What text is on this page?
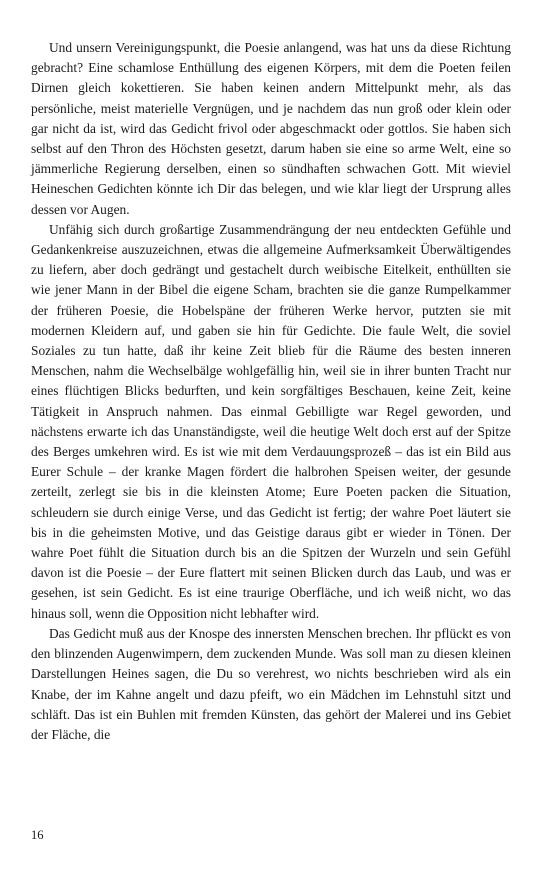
Und unsern Vereinigungspunkt, die Poesie anlangend, was hat uns da diese Richtung gebracht? Eine schamlose Enthüllung des eigenen Körpers, mit dem die Poeten feilen Dirnen gleich kokettieren. Sie haben keinen andern Mittelpunkt mehr, als das persönliche, meist materielle Vergnügen, und je nachdem das nun groß oder klein oder gar nicht da ist, wird das Gedicht frivol oder abgeschmackt oder gottlos. Sie haben sich selbst auf den Thron des Höchsten gesetzt, darum haben sie eine so arme Welt, eine so jämmerliche Regierung derselben, einen so sündhaften schwachen Gott. Mit wieviel Heineschen Gedichten könnte ich Dir das belegen, und wie klar liegt der Ursprung alles dessen vor Augen.

Unfähig sich durch großartige Zusammendrängung der neu entdeckten Gefühle und Gedankenkreise auszuzeichnen, etwas die allgemeine Aufmerksamkeit Überwältigendes zu liefern, aber doch gedrängt und gestachelt durch weibische Eitelkeit, enthüllten sie wie jener Mann in der Bibel die eigene Scham, brachten sie die ganze Rumpelkammer der früheren Poesie, die Hobelspäne der früheren Werke hervor, putzten sie mit modernen Kleidern auf, und gaben sie hin für Gedichte. Die faule Welt, die soviel Soziales zu tun hatte, daß ihr keine Zeit blieb für die Räume des besten inneren Menschen, nahm die Wechselbälge wohlgefällig hin, weil sie in ihrer bunten Tracht nur eines flüchtigen Blicks bedurften, und kein sorgfältiges Beschauen, keine Zeit, keine Tätigkeit in Anspruch nahmen. Das einmal Gebilligte war Regel geworden, und nächstens erwarte ich das Unanständigste, weil die heutige Welt doch erst auf der Spitze des Berges umkehren wird. Es ist wie mit dem Verdauungsprozeß – das ist ein Bild aus Eurer Schule – der kranke Magen fördert die halbrohen Speisen weiter, der gesunde zerteilt, zerlegt sie bis in die kleinsten Atome; Eure Poeten packen die Situation, schleudern sie durch einige Verse, und das Gedicht ist fertig; der wahre Poet läutert sie bis in die geheimsten Motive, und das Geistige daraus gibt er wieder in Tönen. Der wahre Poet fühlt die Situation durch bis an die Spitzen der Wurzeln und sein Gefühl davon ist die Poesie – der Eure flattert mit seinen Blicken durch das Laub, und was er gesehen, ist sein Gedicht. Es ist eine traurige Oberfläche, und ich weiß nicht, wo das hinaus soll, wenn die Opposition nicht lebhafter wird.

Das Gedicht muß aus der Knospe des innersten Menschen brechen. Ihr pflückt es von den blinzenden Augenwimpern, dem zuckenden Munde. Was soll man zu diesen kleinen Darstellungen Heines sagen, die Du so verehrest, wo nichts beschrieben wird als ein Knabe, der im Kahne angelt und dazu pfeift, wo ein Mädchen im Lehnstuhl sitzt und schläft. Das ist ein Buhlen mit fremden Künsten, das gehört der Malerei und ins Gebiet der Fläche, die

16
